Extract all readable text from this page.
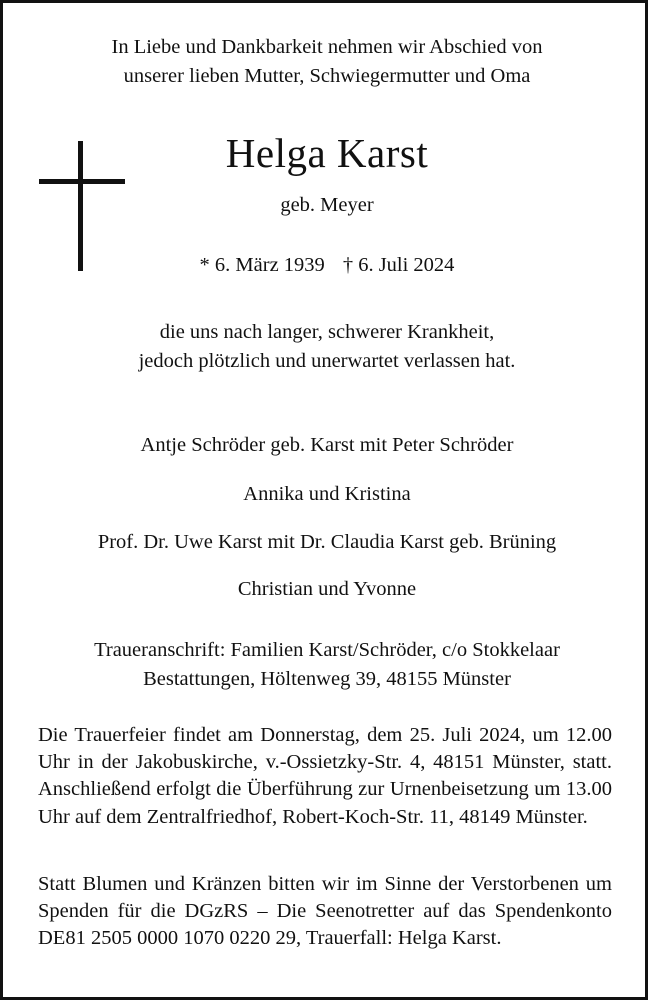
In Liebe und Dankbarkeit nehmen wir Abschied von
unserer lieben Mutter, Schwiegermutter und Oma
Helga Karst
geb. Meyer
* 6. März 1939 † 6. Juli 2024
die uns nach langer, schwerer Krankheit,
jedoch plötzlich und unerwartet verlassen hat.
Antje Schröder geb. Karst mit Peter Schröder
Annika und Kristina
Prof. Dr. Uwe Karst mit Dr. Claudia Karst geb. Brüning
Christian und Yvonne
Traueranschrift: Familien Karst/Schröder, c/o Stokkelaar
Bestattungen, Höltenweg 39, 48155 Münster
Die Trauerfeier findet am Donnerstag, dem 25. Juli 2024, um 12.00 Uhr in der Jakobuskirche, v.-Ossietzky-Str. 4, 48151 Münster, statt. Anschließend erfolgt die Überführung zur Urnenbeisetzung um 13.00 Uhr auf dem Zentralfriedhof, Robert-Koch-Str. 11, 48149 Münster.
Statt Blumen und Kränzen bitten wir im Sinne der Verstorbenen um Spenden für die DGzRS – Die Seenotretter auf das Spendenkonto DE81 2505 0000 1070 0220 29, Trauerfall: Helga Karst.
